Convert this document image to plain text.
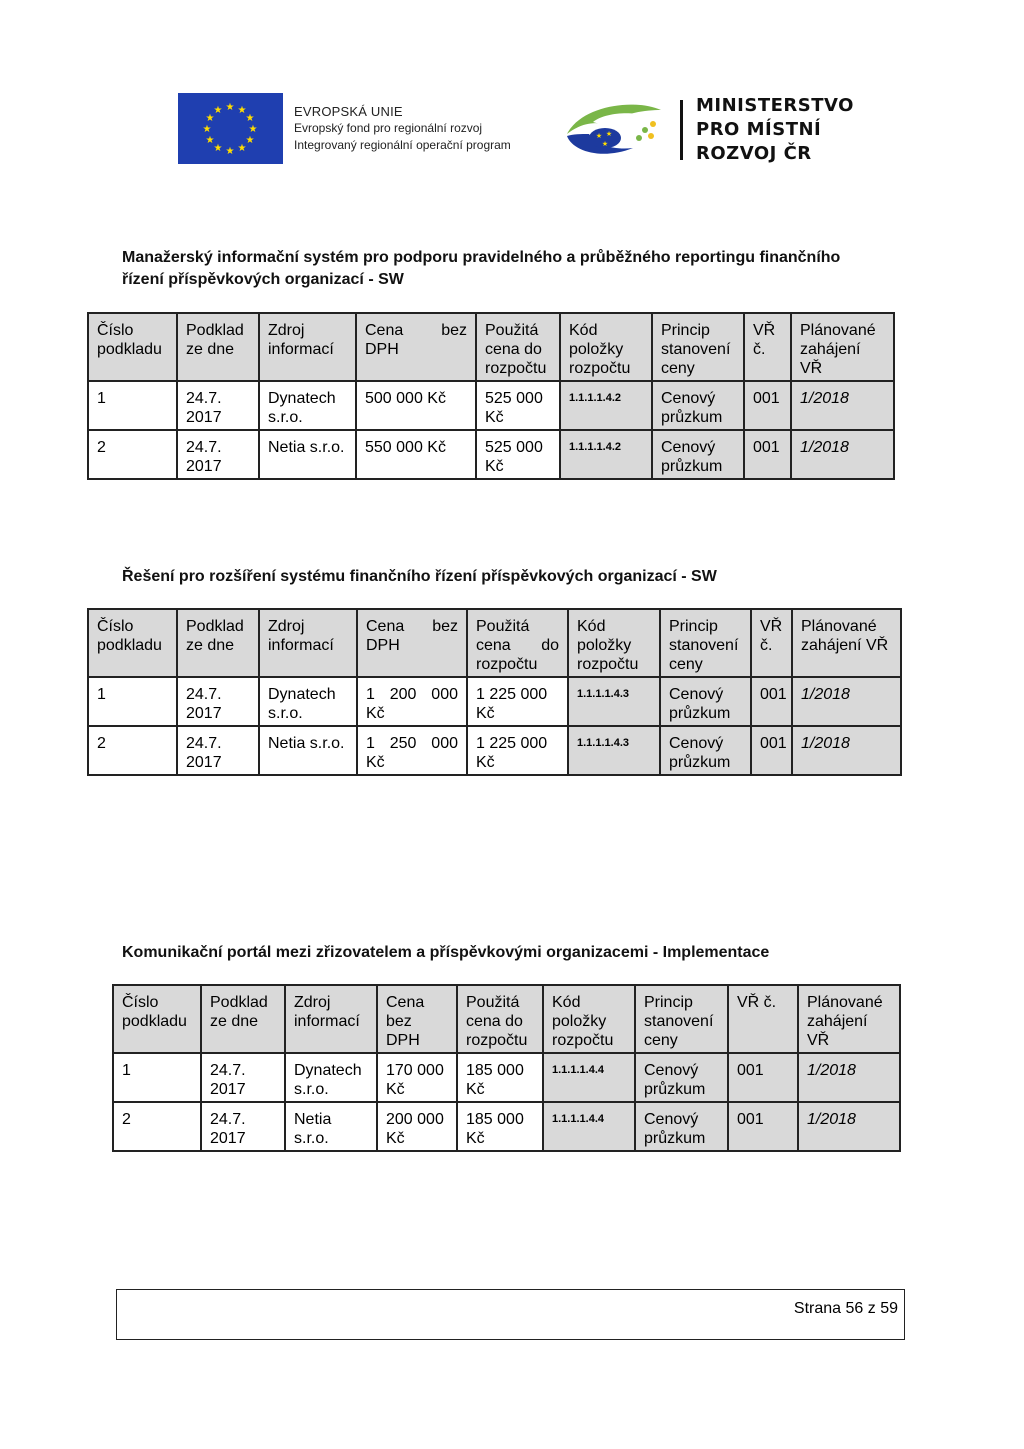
★ ★
★
★
★
★
★
★
★
★
★
★	EVROPSKÁ UNIE
Evropský fond pro regionální rozvoj
Integrovaný regionální operační program
★ ★
★
MINISTERSTVO
PRO MÍSTNÍ
ROZVOJ ČR
Manažerský informační systém pro podporu pravidelného a průběžného reportingu finančního
řízení příspěvkových organizací - SW
Číslo podkladu	Podklad ze dne	Zdroj informací	Cena bez DPH	Použitá cena do rozpočtu	Kód položky rozpočtu	Princip stanovení ceny	VŘ č.	Plánované zahájení VŘ
1	24.7. 2017	Dynatech s.r.o.	500 000 Kč	525 000 Kč	1.1.1.1.4.2	Cenový průzkum	001	1/2018
2	24.7. 2017	Netia s.r.o.	550 000 Kč	525 000 Kč	1.1.1.1.4.2	Cenový průzkum	001	1/2018
Řešení pro rozšíření systému finančního řízení příspěvkových organizací - SW
Číslo podkladu	Podklad ze dne	Zdroj informací	Cena bez DPH	Použitá cena do rozpočtu	Kód položky rozpočtu	Princip stanovení ceny	VŘ č.	Plánované zahájení VŘ
1	24.7. 2017	Dynatech s.r.o.	1 200 000 Kč	1 225 000 Kč	1.1.1.1.4.3	Cenový průzkum	001	1/2018
2	24.7. 2017	Netia s.r.o.	1 250 000 Kč	1 225 000 Kč	1.1.1.1.4.3	Cenový průzkum	001	1/2018
Komunikační portál mezi zřizovatelem a příspěvkovými organizacemi - Implementace
Číslo podkladu	Podklad ze dne	Zdroj informací	Cena bez DPH	Použitá cena do rozpočtu	Kód položky rozpočtu	Princip stanovení ceny	VŘ č.	Plánované zahájení VŘ
1	24.7. 2017	Dynatech s.r.o.	170 000 Kč	185 000 Kč	1.1.1.1.4.4	Cenový průzkum	001	1/2018
2	24.7. 2017	Netia s.r.o.	200 000 Kč	185 000 Kč	1.1.1.1.4.4	Cenový průzkum	001	1/2018
Strana 56 z 59
